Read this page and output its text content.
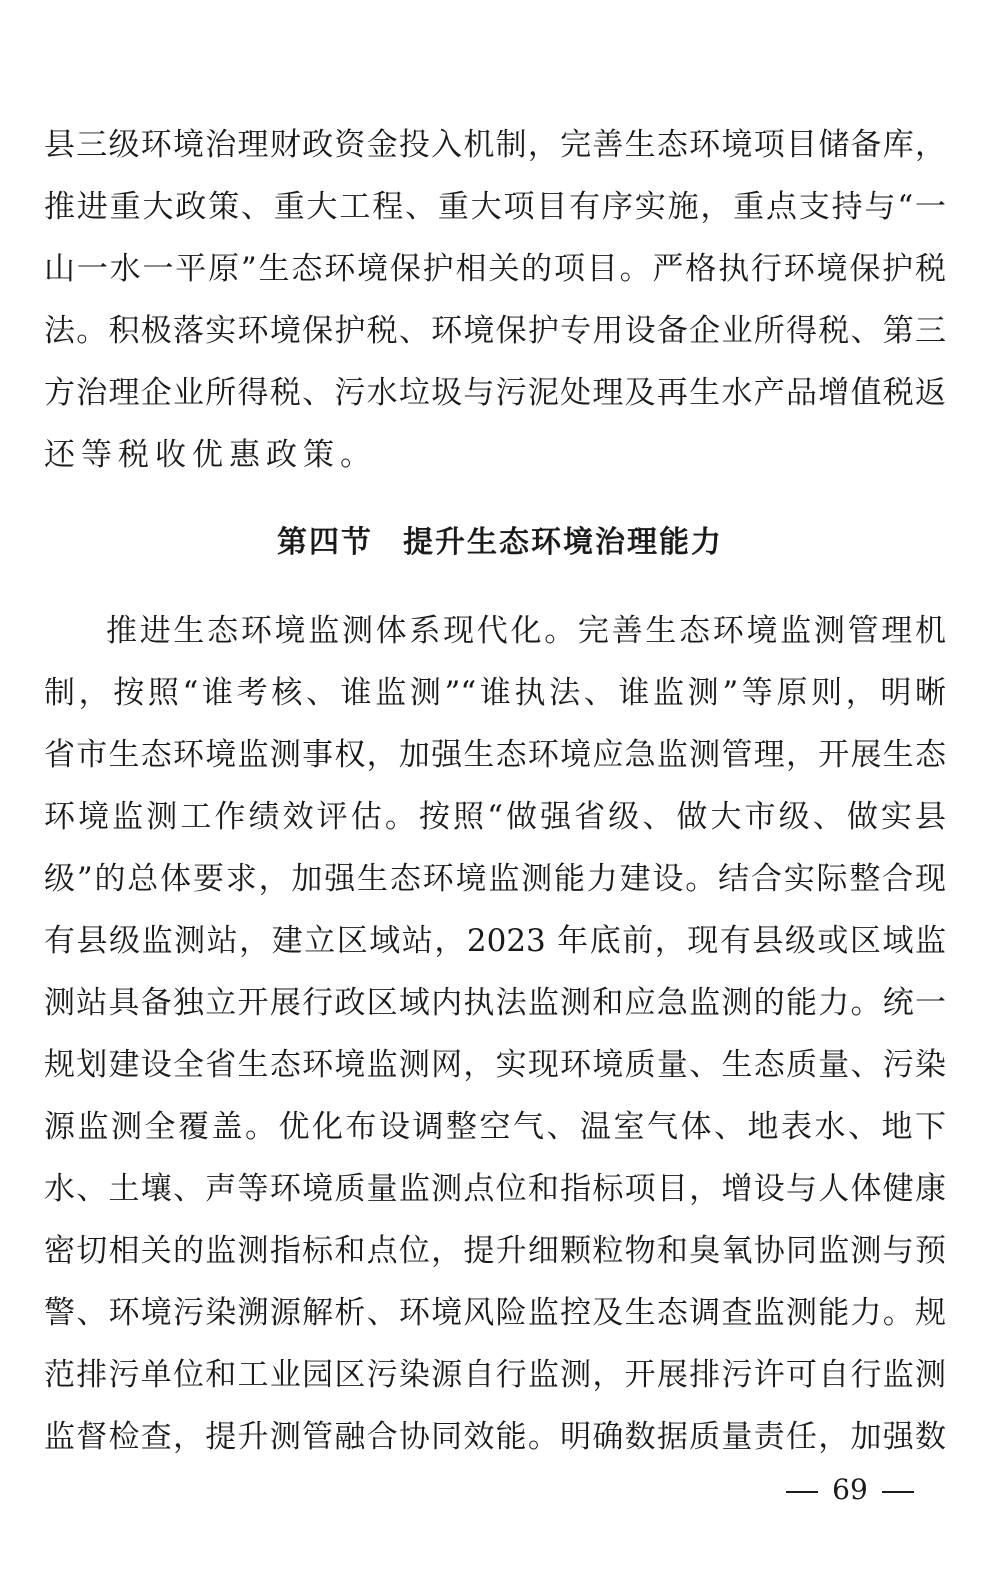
县三级环境治理财政资金投入机制，完善生态环境项目储备库，
推进重大政策、重大工程、重大项目有序实施，重点支持与“一
山一水一平原”生态环境保护相关的项目。严格执行环境保护税
法。积极落实环境保护税、环境保护专用设备企业所得税、第三
方治理企业所得税、污水垃圾与污泥处理及再生水产品增值税返
还等税收优惠政策。
第四节 提升生态环境治理能力
推进生态环境监测体系现代化。完善生态环境监测管理机
制，按照“谁考核、谁监测”“谁执法、谁监测”等原则，明晰
省市生态环境监测事权，加强生态环境应急监测管理，开展生态
环境监测工作绩效评估。按照“做强省级、做大市级、做实县
级”的总体要求，加强生态环境监测能力建设。结合实际整合现
有县级监测站，建立区域站，2023 年底前，现有县级或区域监
测站具备独立开展行政区域内执法监测和应急监测的能力。统一
规划建设全省生态环境监测网，实现环境质量、生态质量、污染
源监测全覆盖。优化布设调整空气、温室气体、地表水、地下
水、土壤、声等环境质量监测点位和指标项目，增设与人体健康
密切相关的监测指标和点位，提升细颗粒物和臭氧协同监测与预
警、环境污染溯源解析、环境风险监控及生态调查监测能力。规
范排污单位和工业园区污染源自行监测，开展排污许可自行监测
监督检查，提升测管融合协同效能。明确数据质量责任，加强数
69
